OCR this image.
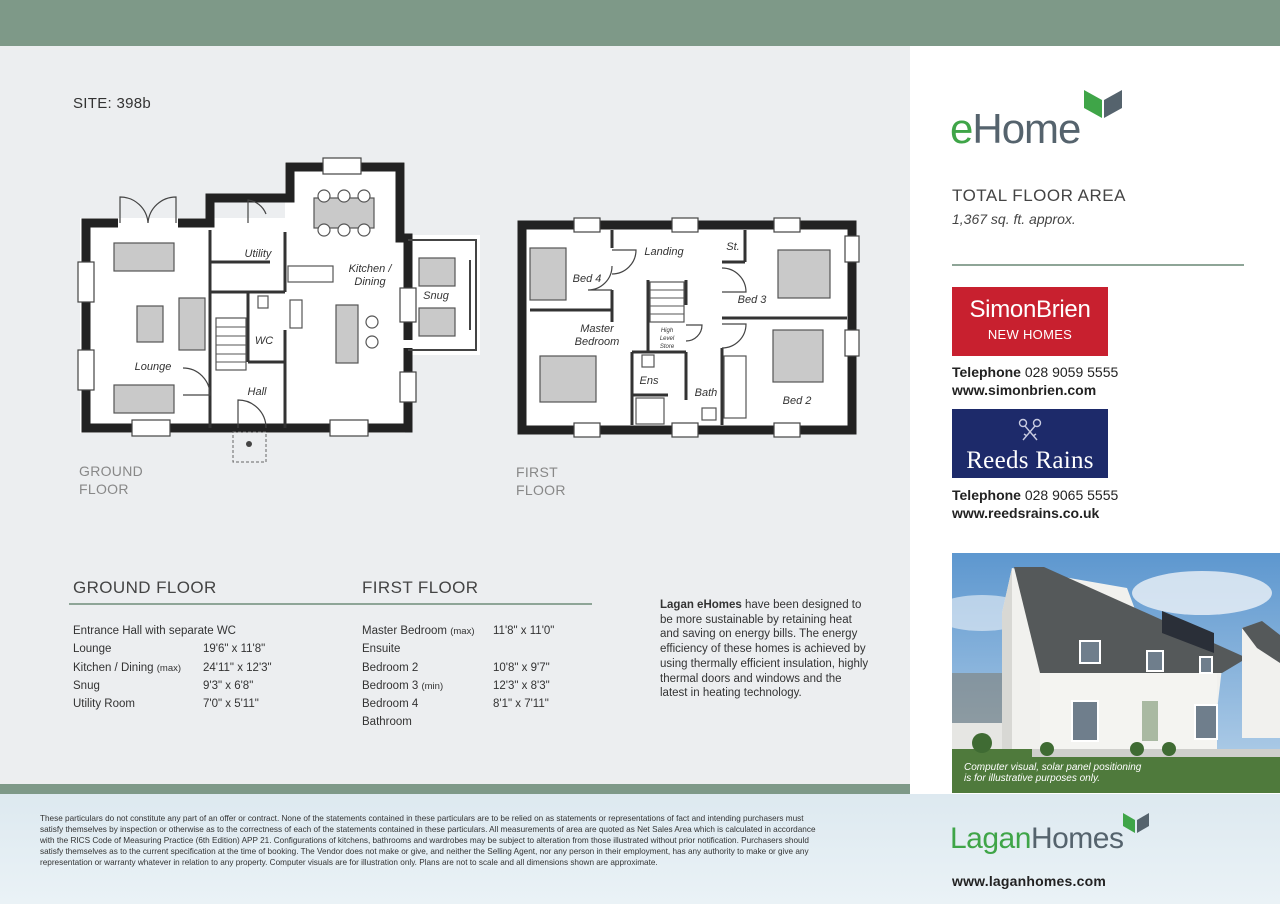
SITE: 398b
Utility
Kitchen /
Dining
Snug
WC
Lounge
Hall
Bed 4
Landing	St.
Bed 3
Master
Bedroom
Ens
Bath
Bed 2
High
Level
Store
GROUND
FLOOR
FIRST
FLOOR
GROUND FLOOR	FIRST FLOOR
Entrance Hall with separate WC
Lounge	19'6" x 11'8"
Kitchen / Dining (max) 24'11" x 12'3"
Snug	9'3" x 6'8"
Utility Room	7'0" x 5'11"
Master Bedroom (max) 11'8" x 11'0"
Ensuite
Bedroom 2	10'8" x 9'7"
Bedroom 3 (min)	12'3" x 8'3"
Bedroom 4	8'1" x 7'11"
Bathroom
Lagan eHomes have been designed to be more sustainable by retaining heat and saving on energy bills. The energy efficiency of these homes is achieved by using thermally efficient insulation, highly thermal doors and windows and the latest in heating technology.
eHome
TOTAL FLOOR AREA
1,367 sq. ft. approx.
SimonBrien
NEW HOMES
Telephone 028 9059 5555
www.simonbrien.com
Reeds Rains
Telephone 028 9065 5555
www.reedsrains.co.uk
Computer visual, solar panel positioning
is for illustrative purposes only.
These particulars do not constitute any part of an offer or contract. None of the statements contained in these particulars are to be relied on as statements or representations of fact and intending purchasers must satisfy themselves by inspection or otherwise as to the correctness of each of the statements contained in these particulars. All measurements of area are quoted as Net Sales Area which is calculated in accordance with the RICS Code of Measuring Practice (6th Edition) APP 21. Configurations of kitchens, bathrooms and wardrobes may be subject to alteration from those illustrated without prior notification. Purchasers should satisfy themselves as to the current specification at the time of booking. The Vendor does not make or give, and neither the Selling Agent, nor any person in their employment, has any authority to make or give any representation or warranty whatever in relation to any property. Computer visuals are for illustration only. Plans are not to scale and all dimensions shown are approximate.
LaganHomes
www.laganhomes.com
